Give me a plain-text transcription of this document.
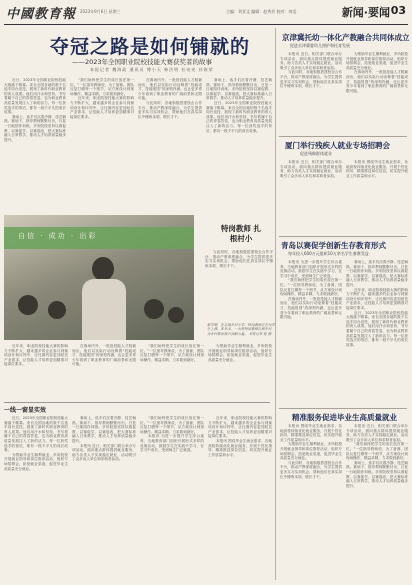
中國教育報 2023年9月6日 星期三	主编：刘亚文 编辑：赵秀芳 校对：何浩	新闻·要闻 03
夺冠之路是如何铺就的
——2023年全国职业院校技能大赛获奖者的故事
本报记者 魏海政 通讯员 傅小天 韩法明 杜亮亮 孙焕荣

近日，2023年全国职业院校技能大赛落下帷幕。来自全国各地的数千名选手同台竞技，展现了新时代职业教育的育人成果。他们用汗水和坚持，书写着属于自己的青春答卷，也为职业教育高质量发展注入了新的活力。每一位获奖选手的背后，都有一段不平凡的成长故事。

赛场上，选手们沉着冷静、技艺娴熟。赛场下，指导教师默默付出，日复一日地陪伴训练。多所院校坚持以赛促教、以赛促学、以赛促改，把大赛标准融入日常教学，推动人才培养质量稳步提升。

“我们始终把学生的成长放在第一位。”一位指导教师说，为了备赛，团队反复打磨每一个细节，从方案设计到现场操作，精益求精，力求做到最好。

近年来，职业院校技能大赛的影响力不断扩大，越来越多的企业参与到赛项设计和评判中，让比赛内容更加贴近产业需求，让技能人才培养更加精准对接岗位要求。

在赛场内外，一批批技能人才脱颖而出，他们以实际行动诠释着“技能成才、技能报国”的深刻内涵，也让更多青少年看到了职业教育的广阔前景和无限可能。

与此同时，各地积极搭建校企合作平台，推动产教深度融合，为学生提供更多实习实训机会，帮助他们在真实岗位中锤炼本领、增长才干。

赛场上，选手们沉着冷静、技艺娴熟。赛场下，指导教师默默付出，日复一日地陪伴训练。多所院校坚持以赛促教、以赛促学、以赛促改，把大赛标准融入日常教学，推动人才培养质量稳步提升。

近日，2023年全国职业院校技能大赛落下帷幕。来自全国各地的数千名选手同台竞技，展现了新时代职业教育的育人成果。他们用汗水和坚持，书写着属于自己的青春答卷，也为职业教育高质量发展注入了新的活力。每一位获奖选手的背后，都有一段不平凡的成长故事。

自信 · 成功 · 出彩
特岗教师 扎根村小

与此同时，各地积极搭建校企合作平台，推动产教深度融合，为学生提供更多实习实训机会，帮助他们在真实岗位中锤炼本领、增长才干。

新学期，在某地乡村小学，特岗教师正在为学生上课。多年来，一大批特岗教师扎根乡村，为乡村教育振兴贡献力量。 本报记者 程 摄

近年来，职业院校技能大赛的影响力不断扩大，越来越多的企业参与到赛项设计和评判中，让比赛内容更加贴近产业需求，让技能人才培养更加精准对接岗位要求。

在赛场内外，一批批技能人才脱颖而出，他们以实际行动诠释着“技能成才、技能报国”的深刻内涵，也让更多青少年看到了职业教育的广阔前景和无限可能。

“我们始终把学生的成长放在第一位。”一位指导教师说，为了备赛，团队反复打磨每一个细节，从方案设计到现场操作，精益求精，力求做到最好。

为帮助毕业生顺利就业，多所院校开展就业指导和岗位推荐活动，组织专场招聘会，拓宽就业渠道，促进毕业生高质量充分就业。

一线一窗显实效

近日，2023年全国职业院校技能大赛落下帷幕。来自全国各地的数千名选手同台竞技，展现了新时代职业教育的育人成果。他们用汗水和坚持，书写着属于自己的青春答卷，也为职业教育高质量发展注入了新的活力。每一位获奖选手的背后，都有一段不平凡的成长故事。

为帮助毕业生顺利就业，多所院校开展就业指导和岗位推荐活动，组织专场招聘会，拓宽就业渠道，促进毕业生高质量充分就业。

赛场上，选手们沉着冷静、技艺娴熟。赛场下，指导教师默默付出，日复一日地陪伴训练。多所院校坚持以赛促教、以赛促学、以赛促改，把大赛标准融入日常教学，推动人才培养质量稳步提升。

本报讯 近日，相关部门联合举办专项活动，面向重点群体提供就业服务，助力各类人才实现稳定就业，活动吸引了众多用人单位和求职者参加。

“我们始终把学生的成长放在第一位。”一位指导教师说，为了备赛，团队反复打磨每一个细节，从方案设计到现场操作，精益求精，力求做到最好。

本报讯 为进一步提升学生综合素养，当地教育部门组织开展形式多样的竞赛活动，鼓励学生在实践中学习，在学习中成长，受到师生广泛欢迎。

近年来，职业院校技能大赛的影响力不断扩大，越来越多的企业参与到赛项设计和评判中，让比赛内容更加贴近产业需求，让技能人才培养更加精准对接岗位要求。

本报讯 围绕毕业生就业需求，各地高校持续优化就业服务，开展个性化指导，精准推送岗位信息，切实提升就业工作质量和水平。

京津冀托幼一体化产教融合共同体成立
促进京津冀婴幼儿照护和托育发展

本报讯 近日，相关部门联合举办专项活动，面向重点群体提供就业服务，助力各类人才实现稳定就业，活动吸引了众多用人单位和求职者参加。

与此同时，各地积极搭建校企合作平台，推动产教深度融合，为学生提供更多实习实训机会，帮助他们在真实岗位中锤炼本领、增长才干。

为帮助毕业生顺利就业，多所院校开展就业指导和岗位推荐活动，组织专场招聘会，拓宽就业渠道，促进毕业生高质量充分就业。

在赛场内外，一批批技能人才脱颖而出，他们以实际行动诠释着“技能成才、技能报国”的深刻内涵，也让更多青少年看到了职业教育的广阔前景和无限可能。

厦门举行残疾人就业专场招聘会
促进残障群体就业

本报讯 近日，相关部门联合举办专项活动，面向重点群体提供就业服务，助力各类人才实现稳定就业，活动吸引了众多用人单位和求职者参加。

本报讯 围绕毕业生就业需求，各地高校持续优化就业服务，开展个性化指导，精准推送岗位信息，切实提升就业工作质量和水平。

青岛以赛促学创新生存教育形式
每年投入600万元组织10万余名学生参赛受益

本报讯 为进一步提升学生综合素养，当地教育部门组织开展形式多样的竞赛活动，鼓励学生在实践中学习，在学习中成长，受到师生广泛欢迎。

“我们始终把学生的成长放在第一位。”一位指导教师说，为了备赛，团队反复打磨每一个细节，从方案设计到现场操作，精益求精，力求做到最好。

在赛场内外，一批批技能人才脱颖而出，他们以实际行动诠释着“技能成才、技能报国”的深刻内涵，也让更多青少年看到了职业教育的广阔前景和无限可能。

赛场上，选手们沉着冷静、技艺娴熟。赛场下，指导教师默默付出，日复一日地陪伴训练。多所院校坚持以赛促教、以赛促学、以赛促改，把大赛标准融入日常教学，推动人才培养质量稳步提升。

近年来，职业院校技能大赛的影响力不断扩大，越来越多的企业参与到赛项设计和评判中，让比赛内容更加贴近产业需求，让技能人才培养更加精准对接岗位要求。

近日，2023年全国职业院校技能大赛落下帷幕。来自全国各地的数千名选手同台竞技，展现了新时代职业教育的育人成果。他们用汗水和坚持，书写着属于自己的青春答卷，也为职业教育高质量发展注入了新的活力。每一位获奖选手的背后，都有一段不平凡的成长故事。

精准服务促进毕业生高质量就业

本报讯 围绕毕业生就业需求，各地高校持续优化就业服务，开展个性化指导，精准推送岗位信息，切实提升就业工作质量和水平。

为帮助毕业生顺利就业，多所院校开展就业指导和岗位推荐活动，组织专场招聘会，拓宽就业渠道，促进毕业生高质量充分就业。

与此同时，各地积极搭建校企合作平台，推动产教深度融合，为学生提供更多实习实训机会，帮助他们在真实岗位中锤炼本领、增长才干。

本报讯 近日，相关部门联合举办专项活动，面向重点群体提供就业服务，助力各类人才实现稳定就业，活动吸引了众多用人单位和求职者参加。

“我们始终把学生的成长放在第一位。”一位指导教师说，为了备赛，团队反复打磨每一个细节，从方案设计到现场操作，精益求精，力求做到最好。

赛场上，选手们沉着冷静、技艺娴熟。赛场下，指导教师默默付出，日复一日地陪伴训练。多所院校坚持以赛促教、以赛促学、以赛促改，把大赛标准融入日常教学，推动人才培养质量稳步提升。
